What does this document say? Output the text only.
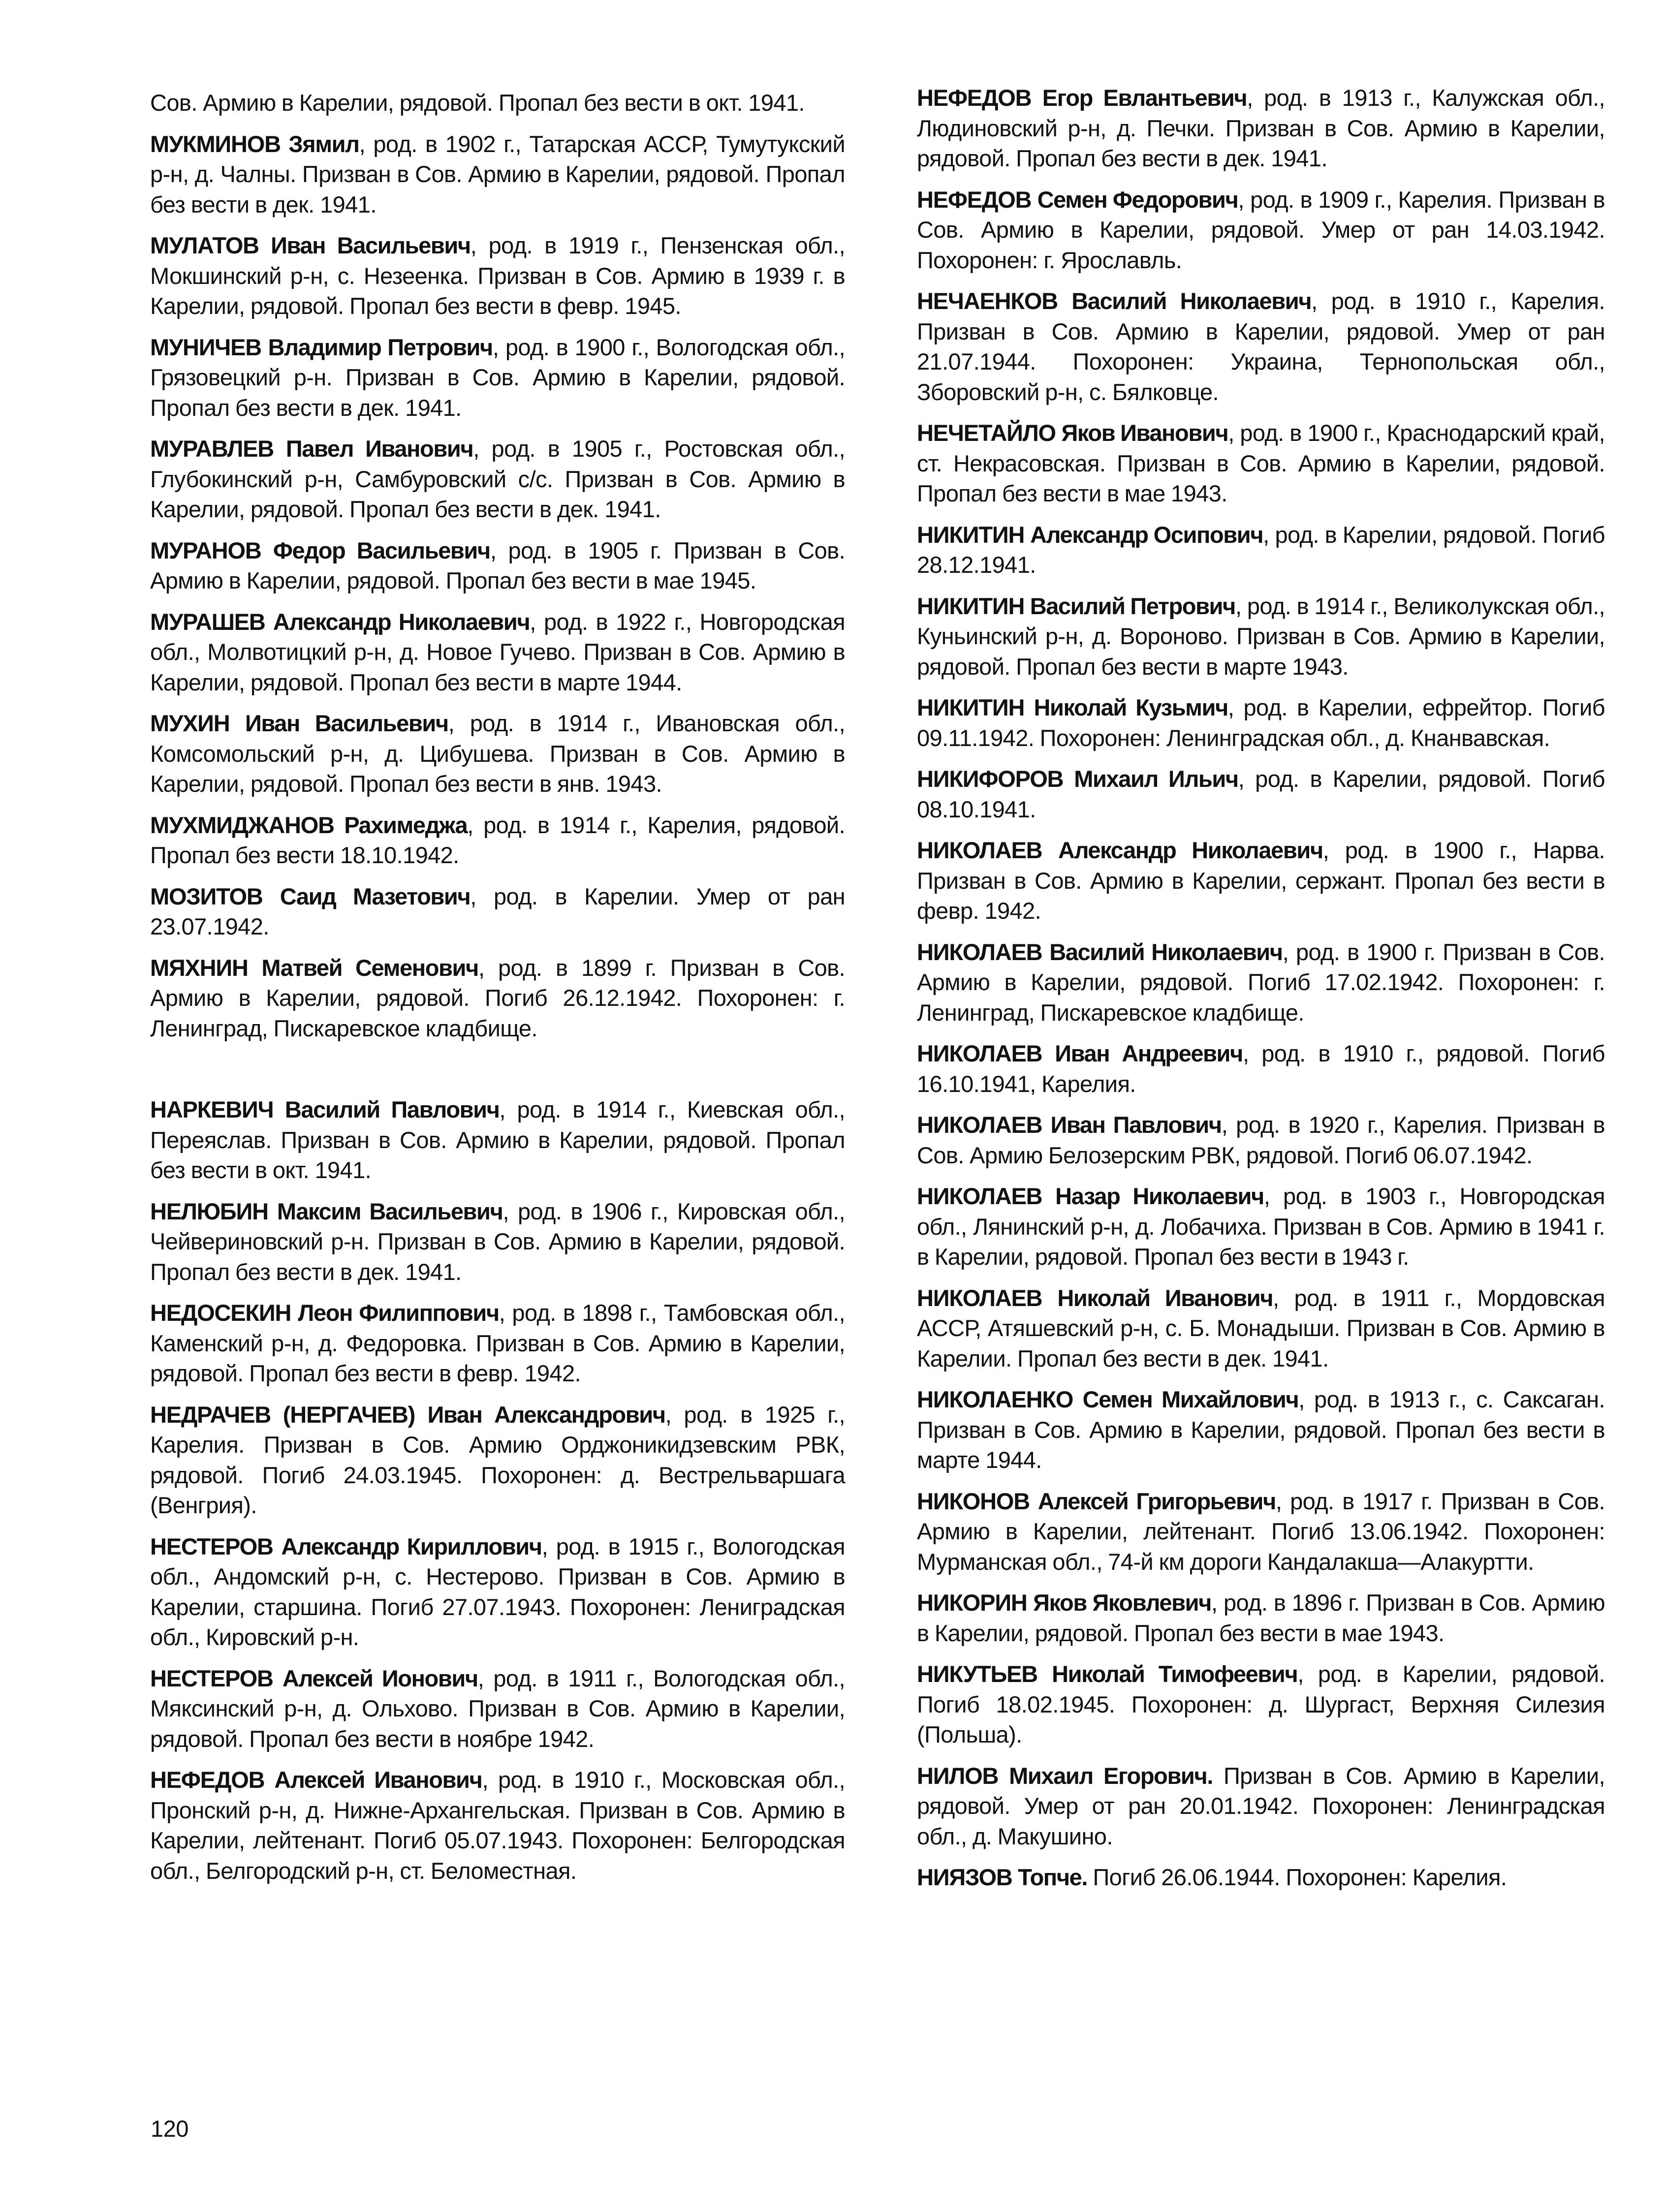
Сов. Армию в Карелии, рядовой. Пропал без вести в окт. 1941.

МУКМИНОВ Зямил, род. в 1902 г., Татарская АССР, Тумутукский р-н, д. Чалны. Призван в Сов. Армию в Карелии, рядовой. Пропал без вести в дек. 1941.

МУЛАТОВ Иван Васильевич, род. в 1919 г., Пензенская обл., Мокшинский р-н, с. Незеенка. Призван в Сов. Армию в 1939 г. в Карелии, рядовой. Пропал без вести в февр. 1945.

МУНИЧЕВ Владимир Петрович, род. в 1900 г., Вологодская обл., Грязовецкий р-н. Призван в Сов. Армию в Карелии, рядовой. Пропал без вести в дек. 1941.

МУРАВЛЕВ Павел Иванович, род. в 1905 г., Ростовская обл., Глубокинский р-н, Самбуровский с/с. Призван в Сов. Армию в Карелии, рядовой. Пропал без вести в дек. 1941.

МУРАНОВ Федор Васильевич, род. в 1905 г. Призван в Сов. Армию в Карелии, рядовой. Пропал без вести в мае 1945.

МУРАШЕВ Александр Николаевич, род. в 1922 г., Новгородская обл., Молвотицкий р-н, д. Новое Гучево. Призван в Сов. Армию в Карелии, рядовой. Пропал без вести в марте 1944.

МУХИН Иван Васильевич, род. в 1914 г., Ивановская обл., Комсомольский р-н, д. Цибушева. Призван в Сов. Армию в Карелии, рядовой. Пропал без вести в янв. 1943.

МУХМИДЖАНОВ Рахимеджа, род. в 1914 г., Карелия, рядовой. Пропал без вести 18.10.1942.

МОЗИТОВ Саид Мазетович, род. в Карелии. Умер от ран 23.07.1942.

МЯХНИН Матвей Семенович, род. в 1899 г. Призван в Сов. Армию в Карелии, рядовой. Погиб 26.12.1942. Похоронен: г. Ленинград, Пискаревское кладбище.

НАРКЕВИЧ Василий Павлович, род. в 1914 г., Киевская обл., Переяслав. Призван в Сов. Армию в Карелии, рядовой. Пропал без вести в окт. 1941.

НЕЛЮБИН Максим Васильевич, род. в 1906 г., Кировская обл., Чейвериновский р-н. Призван в Сов. Армию в Карелии, рядовой. Пропал без вести в дек. 1941.

НЕДОСЕКИН Леон Филиппович, род. в 1898 г., Тамбовская обл., Каменский р-н, д. Федоровка. Призван в Сов. Армию в Карелии, рядовой. Пропал без вести в февр. 1942.

НЕДРАЧЕВ (НЕРГАЧЕВ) Иван Александрович, род. в 1925 г., Карелия. Призван в Сов. Армию Орджоникидзевским РВК, рядовой. Погиб 24.03.1945. Похоронен: д. Вестрельваршага (Венгрия).

НЕСТЕРОВ Александр Кириллович, род. в 1915 г., Вологодская обл., Андомский р-н, с. Нестерово. Призван в Сов. Армию в Карелии, старшина. Погиб 27.07.1943. Похоронен: Лениградская обл., Кировский р-н.

НЕСТЕРОВ Алексей Ионович, род. в 1911 г., Вологодская обл., Мяксинский р-н, д. Ольхово. Призван в Сов. Армию в Карелии, рядовой. Пропал без вести в ноябре 1942.

НЕФЕДОВ Алексей Иванович, род. в 1910 г., Московская обл., Пронский р-н, д. Нижне-Архангельская. Призван в Сов. Армию в Карелии, лейтенант. Погиб 05.07.1943. Похоронен: Белгородская обл., Белгородский р-н, ст. Беломестная.

НЕФЕДОВ Егор Евлантьевич, род. в 1913 г., Калужская обл., Людиновский р-н, д. Печки. Призван в Сов. Армию в Карелии, рядовой. Пропал без вести в дек. 1941.

НЕФЕДОВ Семен Федорович, род. в 1909 г., Карелия. Призван в Сов. Армию в Карелии, рядовой. Умер от ран 14.03.1942. Похоронен: г. Ярославль.

НЕЧАЕНКОВ Василий Николаевич, род. в 1910 г., Карелия. Призван в Сов. Армию в Карелии, рядовой. Умер от ран 21.07.1944. Похоронен: Украина, Тернопольская обл., Зборовский р-н, с. Бялковце.

НЕЧЕТАЙЛО Яков Иванович, род. в 1900 г., Краснодарский край, ст. Некрасовская. Призван в Сов. Армию в Карелии, рядовой. Пропал без вести в мае 1943.

НИКИТИН Александр Осипович, род. в Карелии, рядовой. Погиб 28.12.1941.

НИКИТИН Василий Петрович, род. в 1914 г., Великолукская обл., Куньинский р-н, д. Вороново. Призван в Сов. Армию в Карелии, рядовой. Пропал без вести в марте 1943.

НИКИТИН Николай Кузьмич, род. в Карелии, ефрейтор. Погиб 09.11.1942. Похоронен: Ленинградская обл., д. Кнанвавская.

НИКИФОРОВ Михаил Ильич, род. в Карелии, рядовой. Погиб 08.10.1941.

НИКОЛАЕВ Александр Николаевич, род. в 1900 г., Нарва. Призван в Сов. Армию в Карелии, сержант. Пропал без вести в февр. 1942.

НИКОЛАЕВ Василий Николаевич, род. в 1900 г. Призван в Сов. Армию в Карелии, рядовой. Погиб 17.02.1942. Похоронен: г. Ленинград, Пискаревское кладбище.

НИКОЛАЕВ Иван Андреевич, род. в 1910 г., рядовой. Погиб 16.10.1941, Карелия.

НИКОЛАЕВ Иван Павлович, род. в 1920 г., Карелия. Призван в Сов. Армию Белозерским РВК, рядовой. Погиб 06.07.1942.

НИКОЛАЕВ Назар Николаевич, род. в 1903 г., Новгородская обл., Лянинский р-н, д. Лобачиха. Призван в Сов. Армию в 1941 г. в Карелии, рядовой. Пропал без вести в 1943 г.

НИКОЛАЕВ Николай Иванович, род. в 1911 г., Мордовская АССР, Атяшевский р-н, с. Б. Монадыши. Призван в Сов. Армию в Карелии. Пропал без вести в дек. 1941.

НИКОЛАЕНКО Семен Михайлович, род. в 1913 г., с. Саксаган. Призван в Сов. Армию в Карелии, рядовой. Пропал без вести в марте 1944.

НИКОНОВ Алексей Григорьевич, род. в 1917 г. Призван в Сов. Армию в Карелии, лейтенант. Погиб 13.06.1942. Похоронен: Мурманская обл., 74-й км дороги Кандалакша—Алакуртти.

НИКОРИН Яков Яковлевич, род. в 1896 г. Призван в Сов. Армию в Карелии, рядовой. Пропал без вести в мае 1943.

НИКУТЬЕВ Николай Тимофеевич, род. в Карелии, рядовой. Погиб 18.02.1945. Похоронен: д. Шургаст, Верхняя Силезия (Польша).

НИЛОВ Михаил Егорович. Призван в Сов. Армию в Карелии, рядовой. Умер от ран 20.01.1942. Похоронен: Ленинградская обл., д. Макушино.

НИЯЗОВ Топче. Погиб 26.06.1944. Похоронен: Карелия.

120
